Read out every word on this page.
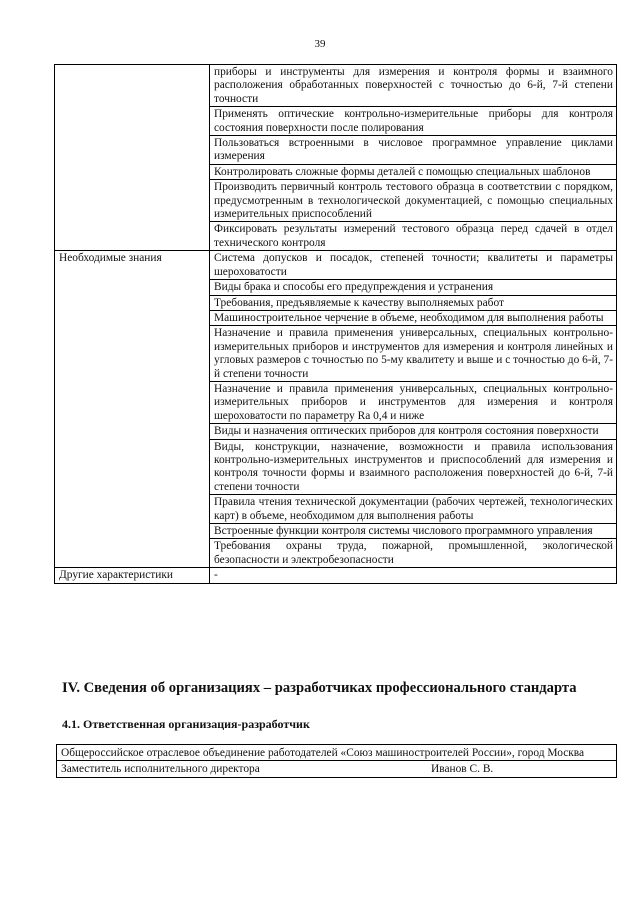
39
	приборы и инструменты для измерения и контроля формы и взаимного расположения обработанных поверхностей с точностью до 6-й, 7-й степени точности
	Применять оптические контрольно-измерительные приборы для контроля состояния поверхности после полирования
	Пользоваться встроенными в числовое программное управление циклами измерения
	Контролировать сложные формы деталей с помощью специальных шаблонов
	Производить первичный контроль тестового образца в соответствии с порядком, предусмотренным в технологической документацией, с помощью специальных измерительных приспособлений
	Фиксировать результаты измерений тестового образца перед сдачей в отдел технического контроля
Необходимые знания	Система допусков и посадок, степеней точности; квалитеты и параметры шероховатости
	Виды брака и способы его предупреждения и устранения
	Требования, предъявляемые к качеству выполняемых работ
	Машиностроительное черчение в объеме, необходимом для выполнения работы
	Назначение и правила применения универсальных, специальных контрольно-измерительных приборов и инструментов для измерения и контроля линейных и угловых размеров с точностью по 5-му квалитету и выше и с точностью до 6-й, 7-й степени точности
	Назначение и правила применения универсальных, специальных контрольно-измерительных приборов и инструментов для измерения и контроля шероховатости по параметру Ra 0,4 и ниже
	Виды и назначения оптических приборов для контроля состояния поверхности
	Виды, конструкции, назначение, возможности и правила использования контрольно-измерительных инструментов и приспособлений для измерения и контроля точности формы и взаимного расположения поверхностей до 6-й, 7-й степени точности
	Правила чтения технической документации (рабочих чертежей, технологических карт) в объеме, необходимом для выполнения работы
	Встроенные функции контроля системы числового программного управления
	Требования охраны труда, пожарной, промышленной, экологической безопасности и электробезопасности
Другие характеристики	-
IV. Сведения об организациях – разработчиках профессионального стандарта
4.1. Ответственная организация-разработчик
Общероссийское отраслевое объединение работодателей «Союз машиностроителей России», город Москва

Заместитель исполнительного директора	Иванов С. В.
